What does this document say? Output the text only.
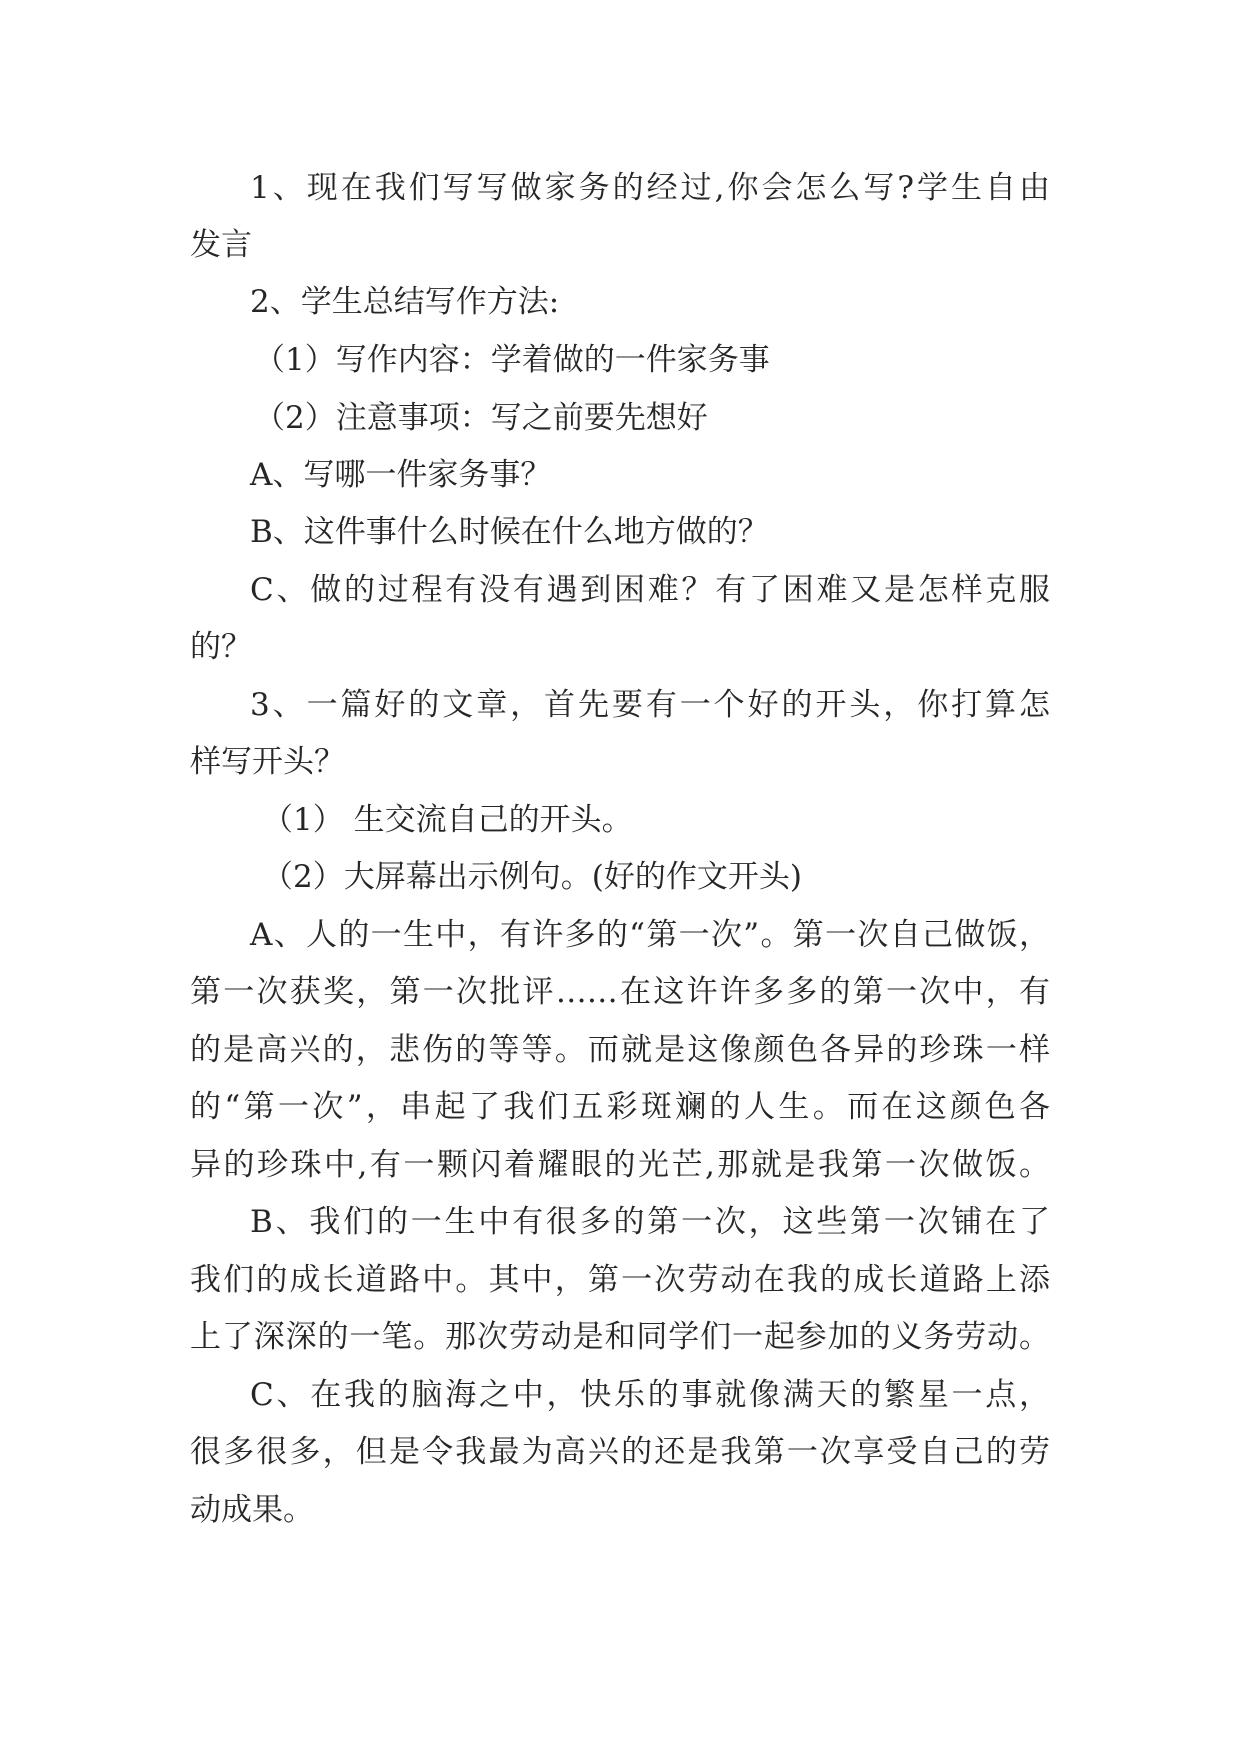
1、现在我们写写做家务的经过,你会怎么写?学生自由

发言

2、学生总结写作方法:

（1）写作内容：学着做的一件家务事

（2）注意事项：写之前要先想好

A、写哪一件家务事？

B、这件事什么时候在什么地方做的？

C、做的过程有没有遇到困难？有了困难又是怎样克服

的？

3、一篇好的文章，首先要有一个好的开头，你打算怎

样写开头？

（1） 生交流自己的开头。

（2）大屏幕出示例句。(好的作文开头)

A、人的一生中，有许多的“第一次”。第一次自己做饭，

第一次获奖，第一次批评……在这许许多多的第一次中，有

的是高兴的，悲伤的等等。而就是这像颜色各异的珍珠一样

的“第一次”，串起了我们五彩斑斓的人生。而在这颜色各

异的珍珠中,有一颗闪着耀眼的光芒,那就是我第一次做饭。

B、我们的一生中有很多的第一次，这些第一次铺在了

我们的成长道路中。其中，第一次劳动在我的成长道路上添

上了深深的一笔。那次劳动是和同学们一起参加的义务劳动。

C、在我的脑海之中，快乐的事就像满天的繁星一点，

很多很多，但是令我最为高兴的还是我第一次享受自己的劳

动成果。
